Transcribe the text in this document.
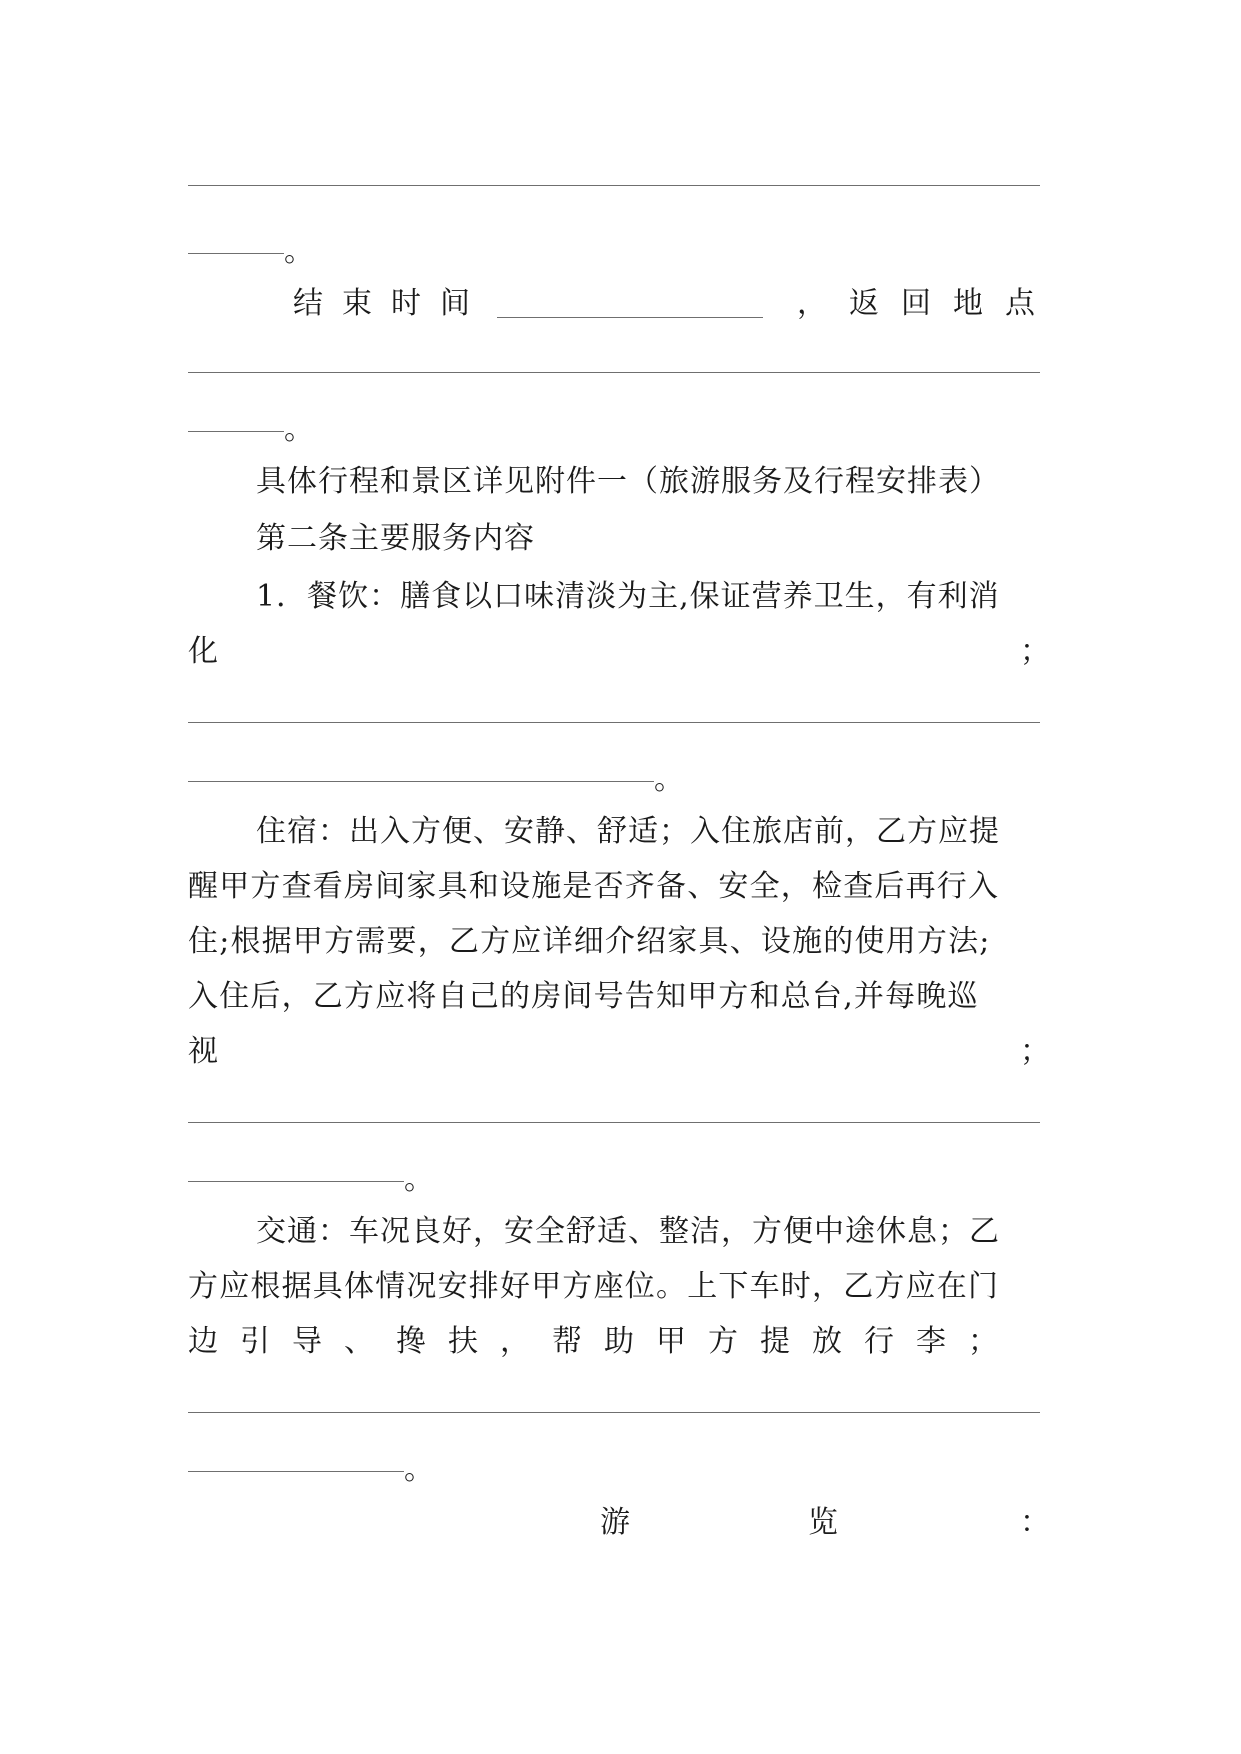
。
结束时间	， 返回地点
。
具体行程和景区详见附件一（旅游服务及行程安排表）
第二条主要服务内容
1．餐饮：膳食以口味清淡为主,保证营养卫生，有利消
化	；
。
住宿：出入方便、安静、舒适；入住旅店前，乙方应提
醒甲方查看房间家具和设施是否齐备、安全，检查后再行入
住;根据甲方需要，乙方应详细介绍家具、设施的使用方法;
入住后，乙方应将自己的房间号告知甲方和总台,并每晚巡
视	；
。
交通：车况良好，安全舒适、整洁，方便中途休息；乙
方应根据具体情况安排好甲方座位。上下车时，乙方应在门
边引导、搀扶，帮助甲方提放行李；
。
游	览	：
